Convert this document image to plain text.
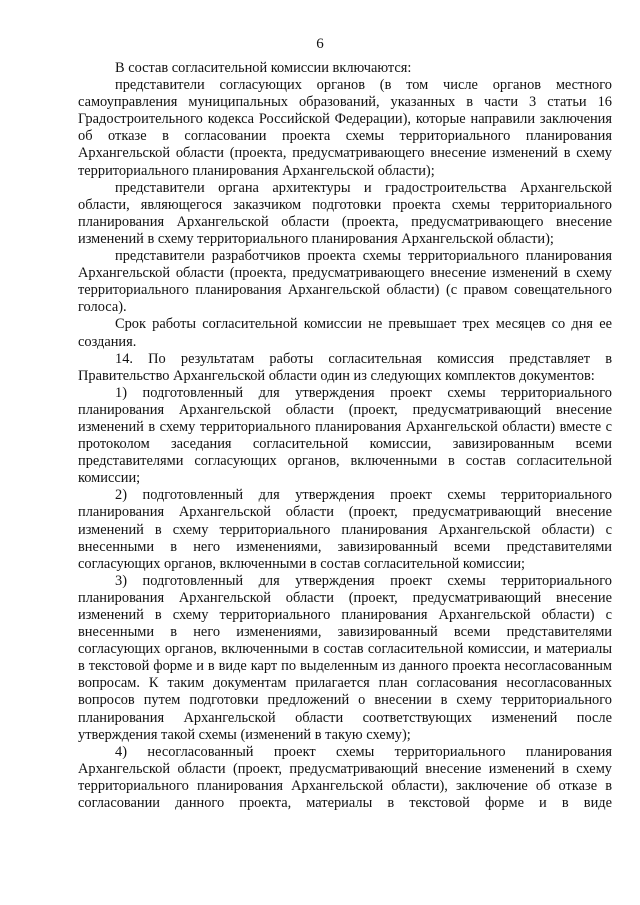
6

В состав согласительной комиссии включаются:

представители согласующих органов (в том числе органов местного самоуправления муниципальных образований, указанных в части 3 статьи 16 Градостроительного кодекса Российской Федерации), которые направили заключения об отказе в согласовании проекта схемы территориального планирования Архангельской области (проекта, предусматривающего внесение изменений в схему территориального планирования Архангельской области);

представители органа архитектуры и градостроительства Архангельской области, являющегося заказчиком подготовки проекта схемы территориального планирования Архангельской области (проекта, предусматривающего внесение изменений в схему территориального планирования Архангельской области);

представители разработчиков проекта схемы территориального планирования Архангельской области (проекта, предусматривающего внесение изменений в схему территориального планирования Архангельской области) (с правом совещательного голоса).

Срок работы согласительной комиссии не превышает трех месяцев со дня ее создания.

14. По результатам работы согласительная комиссия представляет в Правительство Архангельской области один из следующих комплектов документов:

1) подготовленный для утверждения проект схемы территориального планирования Архангельской области (проект, предусматривающий внесение изменений в схему территориального планирования Архангельской области) вместе с протоколом заседания согласительной комиссии, завизированным всеми представителями согласующих органов, включенными в состав согласительной комиссии;

2) подготовленный для утверждения проект схемы территориального планирования Архангельской области (проект, предусматривающий внесение изменений в схему территориального планирования Архангельской области) с внесенными в него изменениями, завизированный всеми представителями согласующих органов, включенными в состав согласительной комиссии;

3) подготовленный для утверждения проект схемы территориального планирования Архангельской области (проект, предусматривающий внесение изменений в схему территориального планирования Архангельской области) с внесенными в него изменениями, завизированный всеми представителями согласующих органов, включенными в состав согласительной комиссии, и материалы в текстовой форме и в виде карт по выделенным из данного проекта несогласованным вопросам. К таким документам прилагается план согласования несогласованных вопросов путем подготовки предложений о внесении в схему территориального планирования Архангельской области соответствующих изменений после утверждения такой схемы (изменений в такую схему);

4) несогласованный проект схемы территориального планирования Архангельской области (проект, предусматривающий внесение изменений в схему территориального планирования Архангельской области), заключение об отказе в согласовании данного проекта, материалы в текстовой форме и в виде
